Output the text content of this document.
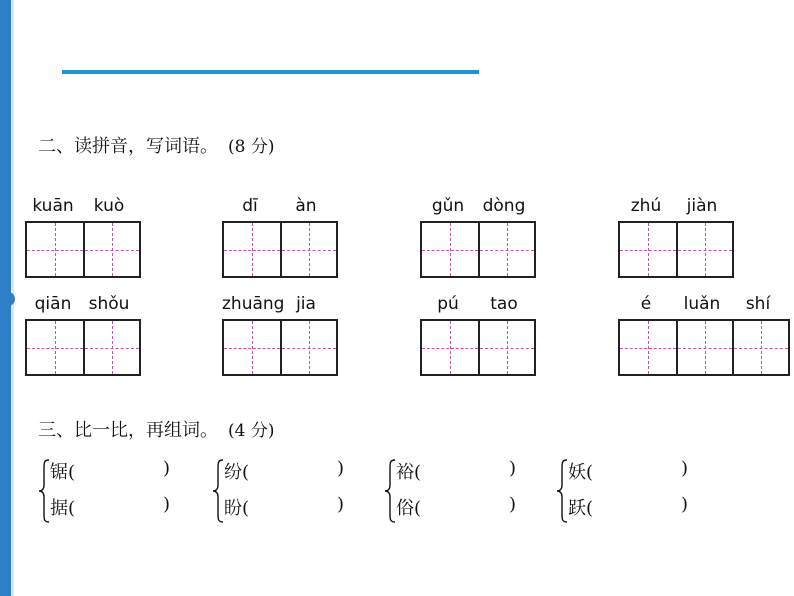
二、读拼音，写词语。 (8 分)
kuān	kuò	dī	àn	gǔn	dòng	zhú	jiàn
qiān	shǒu	zhuāng jia	pú	tao	é	luǎn	shí
三、比一比，再组词。 (4 分)
锯(	)
据(	)
纷(	)
盼(	)
裕(	)
俗(	)
妖(	)
跃(	)
